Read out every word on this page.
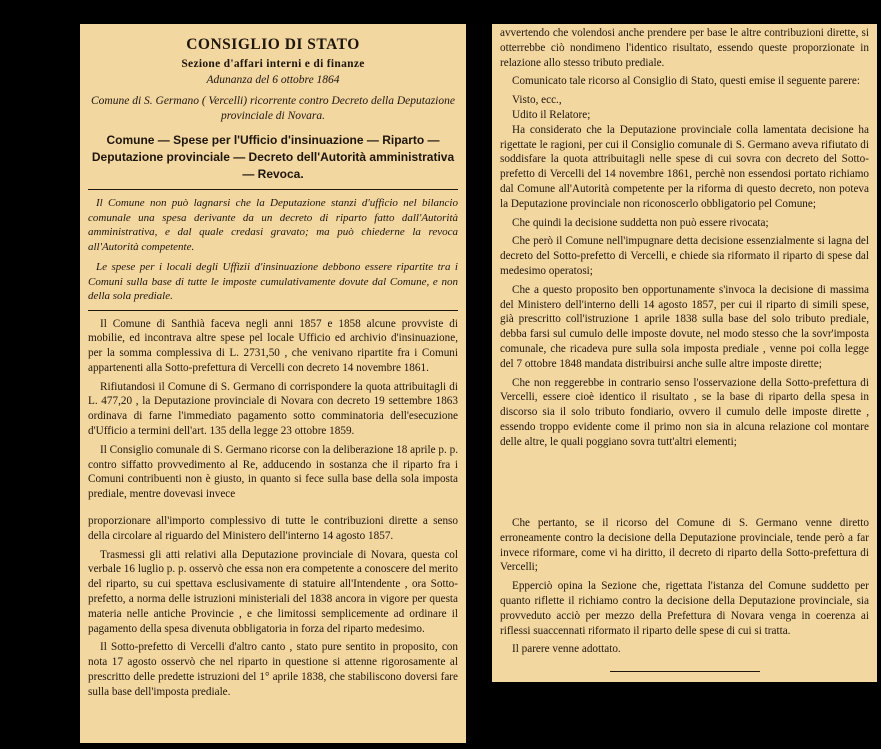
CONSIGLIO DI STATO
Sezione d'affari interni e di finanze
Adunanza del 6 ottobre 1864
Comune di S. Germano ( Vercelli) ricorrente contro Decreto della Deputazione provinciale di Novara.
Comune — Spese per l'Ufficio d'insinuazione — Riparto — Deputazione provinciale — Decreto dell'Autorità amministrativa — Revoca.

Il Comune non può lagnarsi che la Deputazione stanzi d'ufficio nel bilancio comunale una spesa derivante da un decreto di riparto fatto dall'Autorità amministrativa, e dal quale credasi gravato; ma può chiederne la revoca all'Autorità competente.

Le spese per i locali degli Uffizii d'insinuazione debbono essere ripartite tra i Comuni sulla base di tutte le imposte cumulativamente dovute dal Comune, e non della sola prediale.

Il Comune di Santhià faceva negli anni 1857 e 1858 alcune provviste di mobilie, ed incontrava altre spese pel locale Ufficio ed archivio d'insinuazione, per la somma complessiva di L. 2731,50 , che venivano ripartite fra i Comuni appartenenti alla Sotto-prefettura di Vercelli con decreto 14 novembre 1861.

Rifiutandosi il Comune di S. Germano di corrispondere la quota attribuitagli di L. 477,20 , la Deputazione provinciale di Novara con decreto 19 settembre 1863 ordinava di farne l'immediato pagamento sotto comminatoria dell'esecuzione d'Ufficio a termini dell'art. 135 della legge 23 ottobre 1859.

Il Consiglio comunale di S. Germano ricorse con la deliberazione 18 aprile p. p. contro siffatto provvedimento al Re, adducendo in sostanza che il riparto fra i Comuni contribuenti non è giusto, in quanto si fece sulla base della sola imposta prediale, mentre dovevasi invece

proporzionare all'importo complessivo di tutte le contribuzioni dirette a senso della circolare al riguardo del Ministero dell'interno 14 agosto 1857.

Trasmessi gli atti relativi alla Deputazione provinciale di Novara, questa col verbale 16 luglio p. p. osservò che essa non era competente a conoscere del merito del riparto, su cui spettava esclusivamente di statuire all'Intendente , ora Sotto-prefetto, a norma delle istruzioni ministeriali del 1838 ancora in vigore per questa materia nelle antiche Provincie , e che limitossi semplicemente ad ordinare il pagamento della spesa divenuta obbligatoria in forza del riparto medesimo.

Il Sotto-prefetto di Vercelli d'altro canto , stato pure sentito in proposito, con nota 17 agosto osservò che nel riparto in questione si attenne rigorosamente al prescritto delle predette istruzioni del 1° aprile 1838, che stabiliscono doversi fare sulla base dell'imposta prediale.

avvertendo che volendosi anche prendere per base le altre contribuzioni dirette, si otterrebbe ciò nondimeno l'identico risultato, essendo queste proporzionate in relazione allo stesso tributo prediale.

Comunicato tale ricorso al Consiglio di Stato, questi emise il seguente parere:

Visto, ecc.,

Udito il Relatore;

Ha considerato che la Deputazione provinciale colla lamentata decisione ha rigettate le ragioni, per cui il Consiglio comunale di S. Germano aveva rifiutato di soddisfare la quota attribuitagli nelle spese di cui sovra con decreto del Sotto-prefetto di Vercelli del 14 novembre 1861, perchè non essendosi portato richiamo dal Comune all'Autorità competente per la riforma di questo decreto, non poteva la Deputazione provinciale non riconoscerlo obbligatorio pel Comune;

Che quindi la decisione suddetta non può essere rivocata;

Che però il Comune nell'impugnare detta decisione essenzialmente si lagna del decreto del Sotto-prefetto di Vercelli, e chiede sia riformato il riparto di spese dal medesimo operatosi;

Che a questo proposito ben opportunamente s'invoca la decisione di massima del Ministero dell'interno delli 14 agosto 1857, per cui il riparto di simili spese, già prescritto coll'istruzione 1 aprile 1838 sulla base del solo tributo prediale, debba farsi sul cumulo delle imposte dovute, nel modo stesso che la sovr'imposta comunale, che ricadeva pure sulla sola imposta prediale , venne poi colla legge del 7 ottobre 1848 mandata distribuirsi anche sulle altre imposte dirette;

Che non reggerebbe in contrario senso l'osservazione della Sotto-prefettura di Vercelli, essere cioè identico il risultato , se la base di riparto della spesa in discorso sia il solo tributo fondiario, ovvero il cumulo delle imposte dirette , essendo troppo evidente come il primo non sia in alcuna relazione col montare delle altre, le quali poggiano sovra tutt'altri elementi;

Che pertanto, se il ricorso del Comune di S. Germano venne diretto erroneamente contro la decisione della Deputazione provinciale, tende però a far invece riformare, come vi ha diritto, il decreto di riparto della Sotto-prefettura di Vercelli;

Epperciò opina la Sezione che, rigettata l'istanza del Comune suddetto per quanto riflette il richiamo contro la decisione della Deputazione provinciale, sia provveduto acciò per mezzo della Prefettura di Novara venga in coerenza ai riflessi suaccennati riformato il riparto delle spese di cui si tratta.

Il parere venne adottato.
